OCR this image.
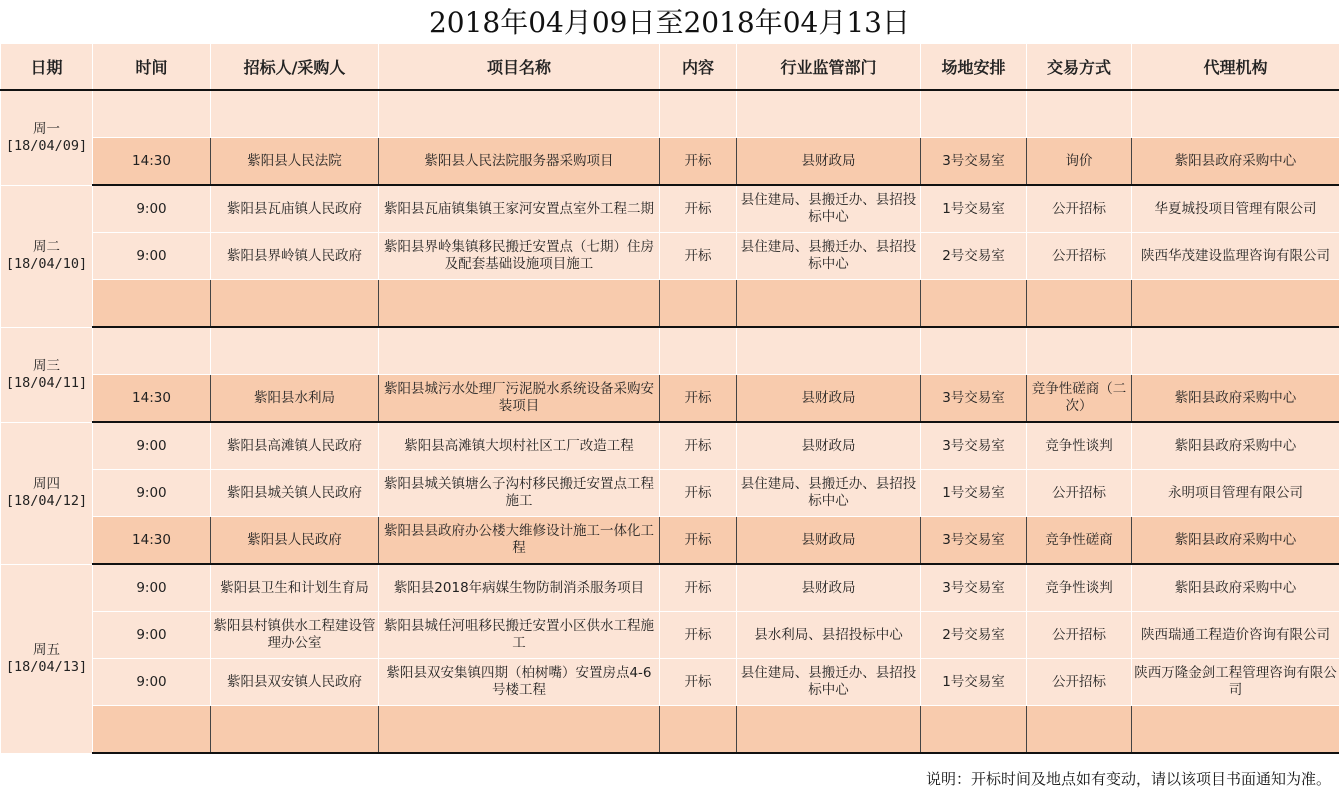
2018年04月09日至2018年04月13日
日期	时间	招标人/采购人	项目名称	内容	行业监管部门	场地安排	交易方式	代理机构

周一
[18/04/09]								

	14:30	紫阳县人民法院	紫阳县人民法院服务器采购项目	开标	县财政局	3号交易室	询价	紫阳县政府采购中心

周二
[18/04/10]	9:00	紫阳县瓦庙镇人民政府	紫阳县瓦庙镇集镇王家河安置点室外工程二期	开标	县住建局、县搬迁办、县招投标中心	1号交易室	公开招标	华夏城投项目管理有限公司
	9:00	紫阳县界岭镇人民政府	紫阳县界岭集镇移民搬迁安置点（七期）住房及配套基础设施项目施工	开标	县住建局、县搬迁办、县招投标中心	2号交易室	公开招标	陕西华茂建设监理咨询有限公司

周三
[18/04/11]								

	14:30	紫阳县水利局	紫阳县城污水处理厂污泥脱水系统设备采购安装项目	开标	县财政局	3号交易室	竞争性磋商（二次）	紫阳县政府采购中心

周四
[18/04/12]	9:00	紫阳县高滩镇人民政府	紫阳县高滩镇大坝村社区工厂改造工程	开标	县财政局	3号交易室	竞争性谈判	紫阳县政府采购中心
	9:00	紫阳县城关镇人民政府	紫阳县城关镇塘么子沟村移民搬迁安置点工程施工	开标	县住建局、县搬迁办、县招投标中心	1号交易室	公开招标	永明项目管理有限公司
	14:30	紫阳县人民政府	紫阳县县政府办公楼大维修设计施工一体化工程	开标	县财政局	3号交易室	竞争性磋商	紫阳县政府采购中心

周五
[18/04/13]	9:00	紫阳县卫生和计划生育局	紫阳县2018年病媒生物防制消杀服务项目	开标	县财政局	3号交易室	竞争性谈判	紫阳县政府采购中心
	9:00	紫阳县村镇供水工程建设管理办公室	紫阳县城任河咀移民搬迁安置小区供水工程施工	开标	县水利局、县招投标中心	2号交易室	公开招标	陕西瑞通工程造价咨询有限公司
	9:00	紫阳县双安镇人民政府	紫阳县双安集镇四期（柏树嘴）安置房点4-6号楼工程	开标	县住建局、县搬迁办、县招投标中心	1号交易室	公开招标	陕西万隆金剑工程管理咨询有限公司

说明：开标时间及地点如有变动，请以该项目书面通知为准。
